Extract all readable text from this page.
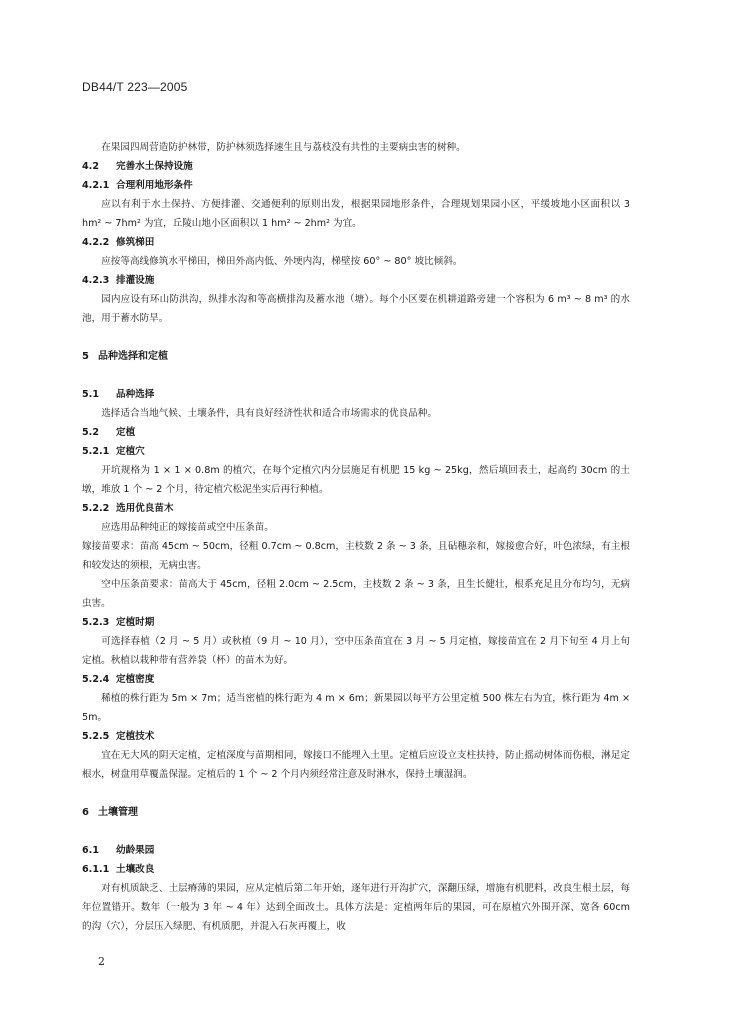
DB44/T 223—2005

在果园四周营造防护林带，防护林须选择速生且与荔枝没有共性的主要病虫害的树种。

4.2 完善水土保持设施

4.2.1 合理利用地形条件

应以有利于水土保持、方便排灌、交通便利的原则出发，根据果园地形条件，合理规划果园小区，平缓坡地小区面积以 3 hm² ~ 7hm² 为宜，丘陵山地小区面积以 1 hm² ~ 2hm² 为宜。

4.2.2 修筑梯田

应按等高线修筑水平梯田，梯田外高内低、外埂内沟，梯壁按 60° ~ 80° 坡比倾斜。

4.2.3 排灌设施

园内应设有环山防洪沟，纵排水沟和等高横排沟及蓄水池（塘）。每个小区要在机耕道路旁建一个容积为 6 m³ ~ 8 m³ 的水池，用于蓄水防旱。

5 品种选择和定植

5.1 品种选择

选择适合当地气候、土壤条件，具有良好经济性状和适合市场需求的优良品种。

5.2 定植

5.2.1 定植穴

开坑规格为 1 × 1 × 0.8m 的植穴，在每个定植穴内分层施足有机肥 15 kg ~ 25kg，然后填回表土，起高约 30cm 的土墩，堆放 1 个 ~ 2 个月，待定植穴松泥坐实后再行种植。

5.2.2 选用优良苗木

应选用品种纯正的嫁接苗或空中压条苗。

嫁接苗要求：苗高 45cm ~ 50cm，径粗 0.7cm ~ 0.8cm，主枝数 2 条 ~ 3 条，且砧穗亲和，嫁接愈合好，叶色浓绿，有主根和较发达的须根，无病虫害。

空中压条苗要求：苗高大于 45cm，径粗 2.0cm ~ 2.5cm，主枝数 2 条 ~ 3 条，且生长健壮，根系充足且分布均匀，无病虫害。

5.2.3 定植时期

可选择春植（2 月 ~ 5 月）或秋植（9 月 ~ 10 月），空中压条苗宜在 3 月 ~ 5 月定植，嫁接苗宜在 2 月下旬至 4 月上旬定植。秋植以栽种带有营养袋（杯）的苗木为好。

5.2.4 定植密度

稀植的株行距为 5m × 7m；适当密植的株行距为 4 m × 6m；新果园以每平方公里定植 500 株左右为宜，株行距为 4m × 5m。

5.2.5 定植技术

宜在无大风的阴天定植，定植深度与苗期相同，嫁接口不能埋入土里。定植后应设立支柱扶持，防止摇动树体而伤根，淋足定根水，树盘用草覆盖保湿。定植后的 1 个 ~ 2 个月内须经常注意及时淋水，保持土壤湿润。

6 土壤管理

6.1 幼龄果园

6.1.1 土壤改良

对有机质缺乏、土层瘠薄的果园，应从定植后第二年开始，逐年进行开沟扩穴，深翻压绿，增施有机肥料，改良生根土层，每年位置错开。数年（一般为 3 年 ~ 4 年）达到全面改土。具体方法是：定植两年后的果园，可在原植穴外围开深、宽各 60cm 的沟（穴），分层压入绿肥、有机质肥，并混入石灰再覆上，收

2
